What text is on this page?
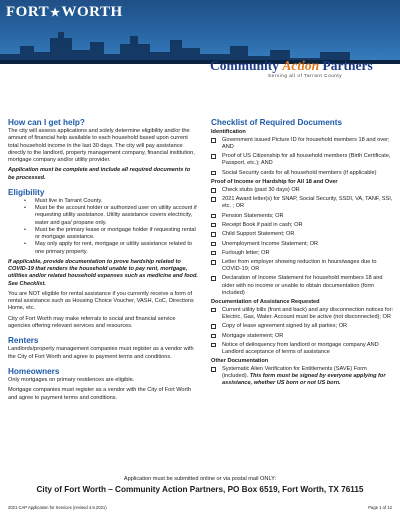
FORT★WORTH
Community Action Partners
Serving all of Tarrant County
How can I get help?

The city will assess applications and solely determine eligibility and/or the amount of financial help available to each household based upon current total household income in the last 30 days. The city will pay assistance directly to the landlord, property management company, financial institution, mortgage company and/or utility provider.

Application must be complete and include all required documents to be processed.

Eligibility
• Must live in Tarrant County.
• Must be the account holder or authorized user on utility account if requesting utility assistance. Utility assistance covers electricity, water and gas/ propane only.
• Must be the primary lease or mortgage holder if requesting rental or mortgage assistance.
• May only apply for rent, mortgage or utility assistance related to one primary property.

If applicable, provide documentation to prove hardship related to COVID-19 that renders the household unable to pay rent, mortgage, utilities and/or related household expenses such as medicine and food. See Checklist.

You are NOT eligible for rental assistance if you currently receive a form of rental assistance such as Housing Choice Voucher, VASH, CoC, Directions Home, etc.

City of Fort Worth may make referrals to social and financial service agencies offering relevant services and resources.

Renters

Landlords/property management companies must register as a vendor with the City of Fort Worth and agree to payment terms and conditions.

Homeowners

Only mortgages on primary residences are eligible.

Mortgage companies must register as a vendor with the City of Fort Worth and agree to payment terms and conditions.

Checklist of Required Documents
Identification
Government issued Picture ID for household members 18 and over; AND
Proof of US Citizenship for all household members (Birth Certificate, Passport, etc.); AND
Social Security cards for all household members (if applicable)
Proof of Income or Hardship for All 18 and Over
Check stubs (past 30 days) OR
2021 Award letter(s) for SNAP, Social Security, SSDI, VA, TANF, SSI, etc. ; OR
Pension Statements; OR
Receipt Book if paid in cash; OR
Child Support Statement; OR
Unemployment Income Statement; OR
Furlough letter; OR
Letter from employer showing reduction in hours/wages due to COVID-19; OR
Declaration of Income Statement for household members 18 and older with no income or unable to obtain documentation (form included)
Documentation of Assistance Requested
Current utility bills (front and back) and any disconnection notices for: Electric, Gas, Water. Account must be active (not disconnected); OR
Copy of lease agreement signed by all parties; OR
Mortgage statement; OR
Notice of delinquency from landlord or mortgage company AND Landlord acceptance of terms of assistance
Other Documentation
Systematic Alien Verification for Entitlements (SAVE) Form (included). This form must be signed by everyone applying for assistance, whether US born or not US born.
Application must be submitted online or via postal mail ONLY:
City of Fort Worth – Community Action Partners, PO Box 6519, Fort Worth, TX 76115
2021 CAP Application for Services (revised 4.8.2021)	Page 1 of 12
